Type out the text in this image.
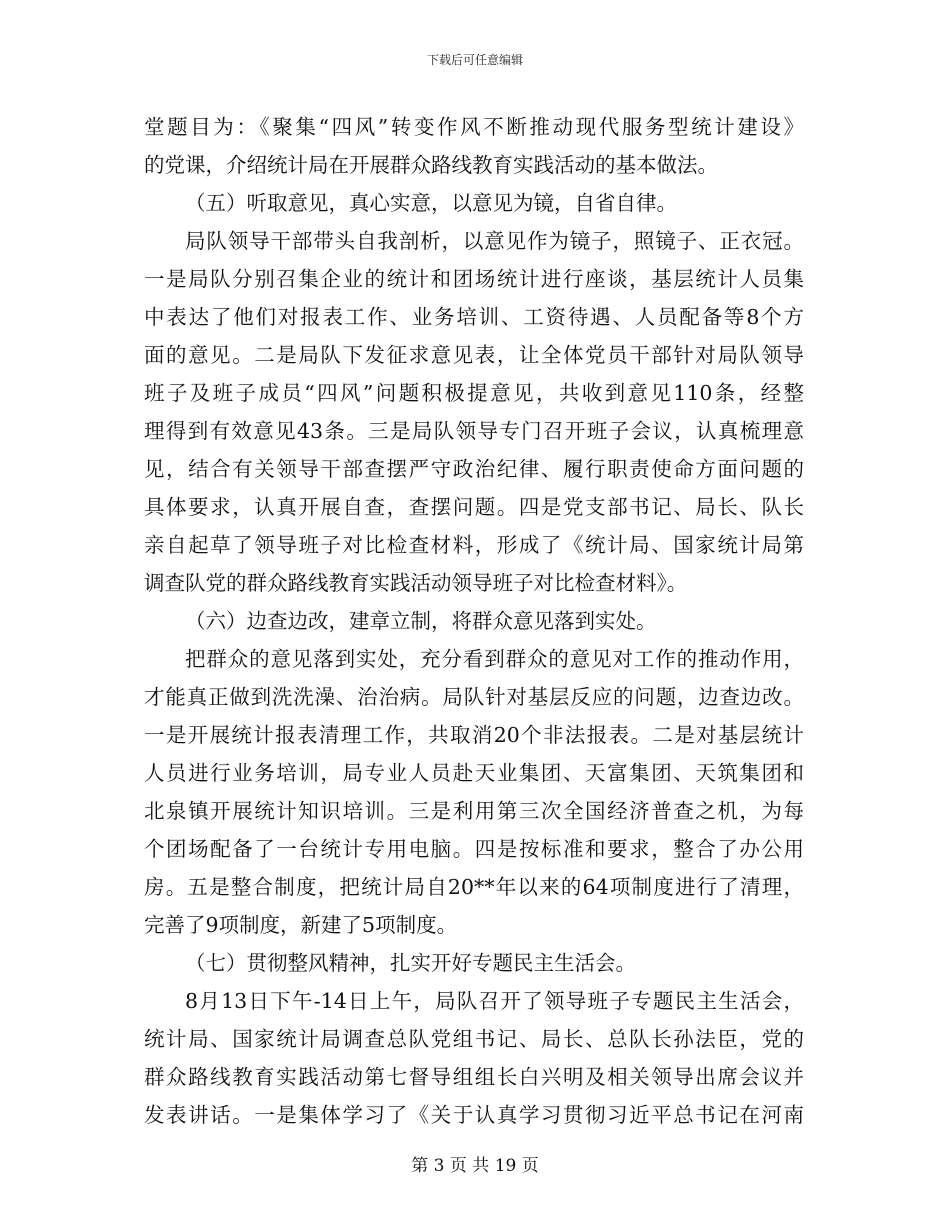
下载后可任意编辑
堂题目为：《聚集“四风”转变作风不断推动现代服务型统计建设》
的党课，介绍统计局在开展群众路线教育实践活动的基本做法。
（五）听取意见，真心实意，以意见为镜，自省自律。
局队领导干部带头自我剖析，以意见作为镜子，照镜子、正衣冠。
一是局队分别召集企业的统计和团场统计进行座谈，基层统计人员集
中表达了他们对报表工作、业务培训、工资待遇、人员配备等8个方
面的意见。二是局队下发征求意见表，让全体党员干部针对局队领导
班子及班子成员“四风”问题积极提意见，共收到意见110条，经整
理得到有效意见43条。三是局队领导专门召开班子会议，认真梳理意
见，结合有关领导干部查摆严守政治纪律、履行职责使命方面问题的
具体要求，认真开展自查，查摆问题。四是党支部书记、局长、队长
亲自起草了领导班子对比检查材料，形成了《统计局、国家统计局第
调查队党的群众路线教育实践活动领导班子对比检查材料》。
（六）边查边改，建章立制，将群众意见落到实处。
把群众的意见落到实处，充分看到群众的意见对工作的推动作用，
才能真正做到洗洗澡、治治病。局队针对基层反应的问题，边查边改。
一是开展统计报表清理工作，共取消20个非法报表。二是对基层统计
人员进行业务培训，局专业人员赴天业集团、天富集团、天筑集团和
北泉镇开展统计知识培训。三是利用第三次全国经济普查之机，为每
个团场配备了一台统计专用电脑。四是按标准和要求，整合了办公用
房。五是整合制度，把统计局自20**年以来的64项制度进行了清理，
完善了9项制度，新建了5项制度。
（七）贯彻整风精神，扎实开好专题民主生活会。
8月13日下午-14日上午，局队召开了领导班子专题民主生活会，
统计局、国家统计局调查总队党组书记、局长、总队长孙法臣，党的
群众路线教育实践活动第七督导组组长白兴明及相关领导出席会议并
发表讲话。一是集体学习了《关于认真学习贯彻习近平总书记在河南
第 3 页 共 19 页
